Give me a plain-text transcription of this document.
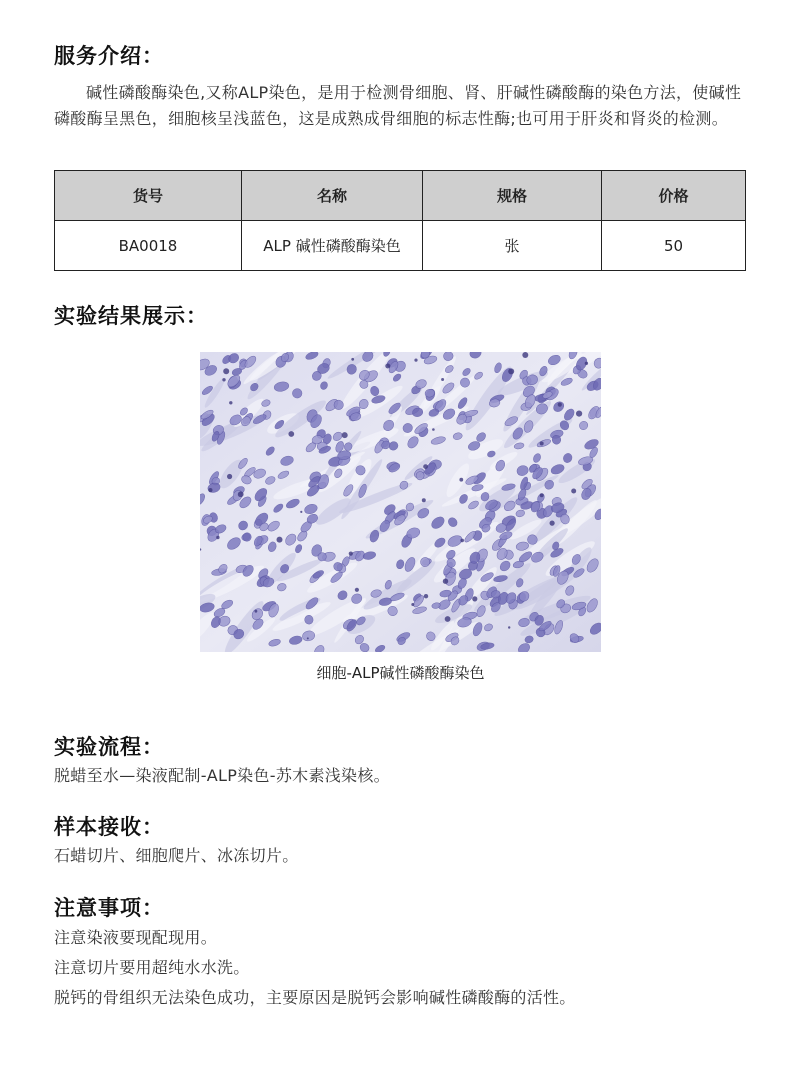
服务介绍：

碱性磷酸酶染色,又称ALP染色，是用于检测骨细胞、肾、肝碱性磷酸酶的染色方法，使碱性磷酸酶呈黑色，细胞核呈浅蓝色，这是成熟成骨细胞的标志性酶;也可用于肝炎和肾炎的检测。

货号	名称	规格	价格
BA0018	ALP 碱性磷酸酶染色	张	50
实验结果展示：
细胞-ALP碱性磷酸酶染色
实验流程：

脱蜡至水—染液配制-ALP染色-苏木素浅染核。

样本接收：

石蜡切片、细胞爬片、冰冻切片。

注意事项：

注意染液要现配现用。

注意切片要用超纯水水洗。

脱钙的骨组织无法染色成功，主要原因是脱钙会影响碱性磷酸酶的活性。
